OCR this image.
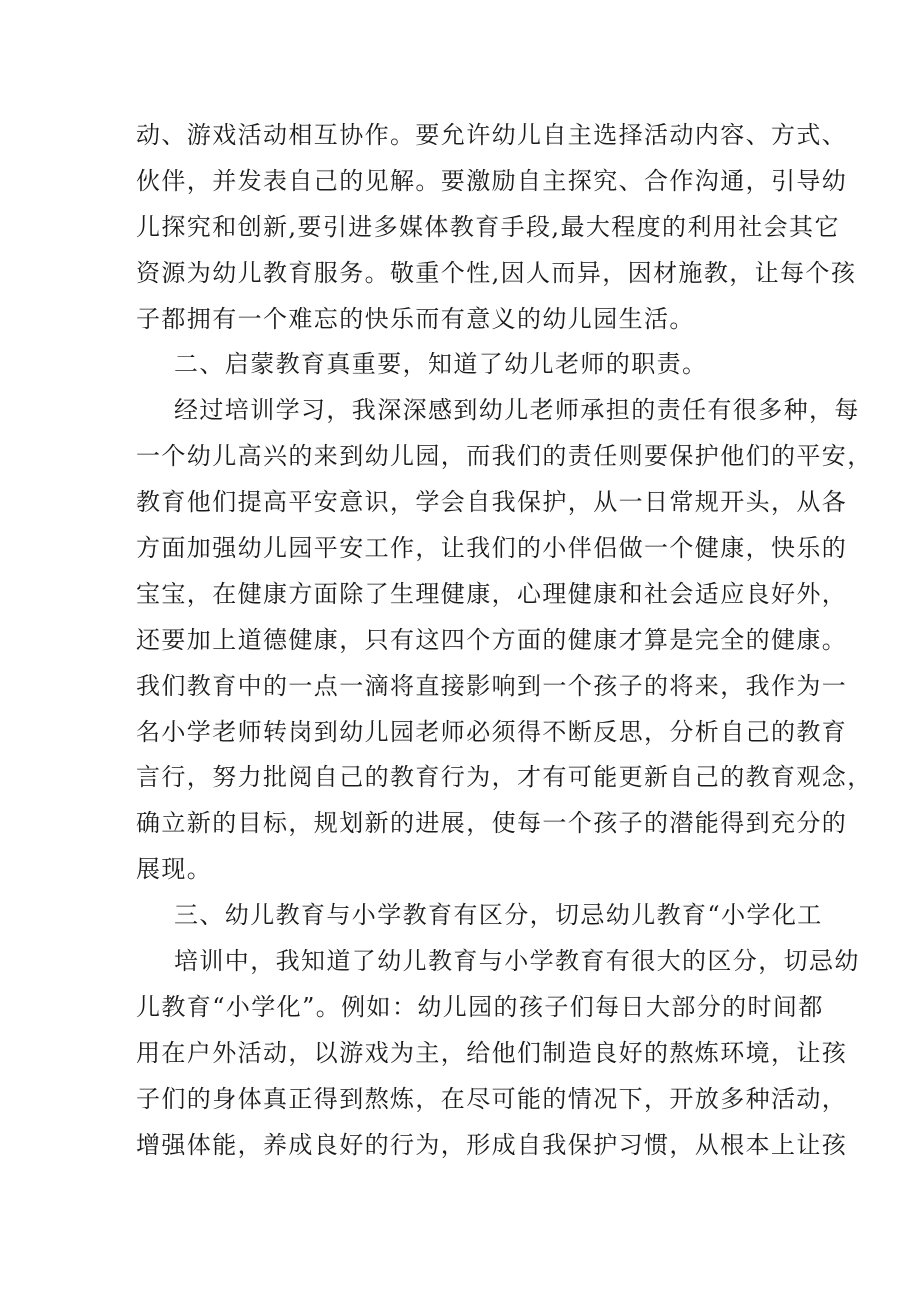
动、游戏活动相互协作。要允许幼儿自主选择活动内容、方式、
伙伴，并发表自己的见解。要激励自主探究、合作沟通，引导幼
儿探究和创新,要引进多媒体教育手段,最大程度的利用社会其它
资源为幼儿教育服务。敬重个性,因人而异，因材施教，让每个孩
子都拥有一个难忘的快乐而有意义的幼儿园生活。
二、启蒙教育真重要，知道了幼儿老师的职责。
经过培训学习，我深深感到幼儿老师承担的责任有很多种，每
一个幼儿高兴的来到幼儿园，而我们的责任则要保护他们的平安，
教育他们提高平安意识，学会自我保护，从一日常规开头，从各
方面加强幼儿园平安工作，让我们的小伴侣做一个健康，快乐的
宝宝，在健康方面除了生理健康，心理健康和社会适应良好外，
还要加上道德健康，只有这四个方面的健康才算是完全的健康。
我们教育中的一点一滴将直接影响到一个孩子的将来，我作为一
名小学老师转岗到幼儿园老师必须得不断反思，分析自己的教育
言行，努力批阅自己的教育行为，才有可能更新自己的教育观念，
确立新的目标，规划新的进展，使每一个孩子的潜能得到充分的
展现。
三、幼儿教育与小学教育有区分，切忌幼儿教育“小学化工
培训中，我知道了幼儿教育与小学教育有很大的区分，切忌幼
儿教育“小学化”。例如：幼儿园的孩子们每日大部分的时间都
用在户外活动，以游戏为主，给他们制造良好的熬炼环境，让孩
子们的身体真正得到熬炼，在尽可能的情况下，开放多种活动，
增强体能，养成良好的行为，形成自我保护习惯，从根本上让孩
